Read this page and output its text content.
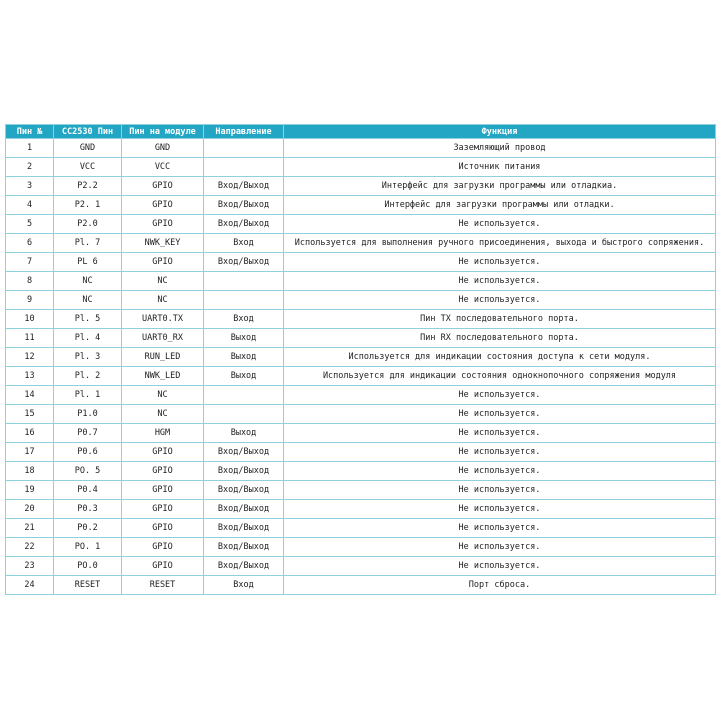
Пин №	CC2530 Пин	Пин на модуле	Направление	Функция
1	GND	GND		Заземляющий провод
2	VCC	VCC		Источник питания
3	P2.2	GPIO	Вход/Выход	Интерфейс для загрузки программы или отладкиа.
4	P2. 1	GPIO	Вход/Выход	Интерфейс для загрузки программы или отладки.
5	P2.0	GPIO	Вход/Выход	Не используется.
6	Pl. 7	NWK_KEY	Вход	Используется для выполнения ручного присоединения, выхода и быстрого сопряжения.
7	PL 6	GPIO	Вход/Выход	Не используется.
8	NC	NC		Не используется.
9	NC	NC		Не используется.
10	Pl. 5	UART0.TX	Вход	Пин TX последовательного порта.
11	Pl. 4	UART0_RX	Выход	Пин RX последовательного порта.
12	Pl. 3	RUN_LED	Выход	Используется для индикации состояния доступа к сети модуля.
13	Pl. 2	NWK_LED	Выход	Используется для индикации состояния однокнопочного сопряжения модуля
14	Pl. 1	NC		Не используется.
15	P1.0	NC		Не используется.
16	P0.7	HGM	Выход	Не используется.
17	P0.6	GPIO	Вход/Выход	Не используется.
18	PO. 5	GPIO	Вход/Выход	Не используется.
19	P0.4	GPIO	Вход/Выход	Не используется.
20	P0.3	GPIO	Вход/Выход	Не используется.
21	P0.2	GPIO	Вход/Выход	Не используется.
22	PO. 1	GPIO	Вход/Выход	Не используется.
23	PO.0	GPIO	Вход/Выход	Не используется.
24	RESET	RESET	Вход	Порт сброса.
